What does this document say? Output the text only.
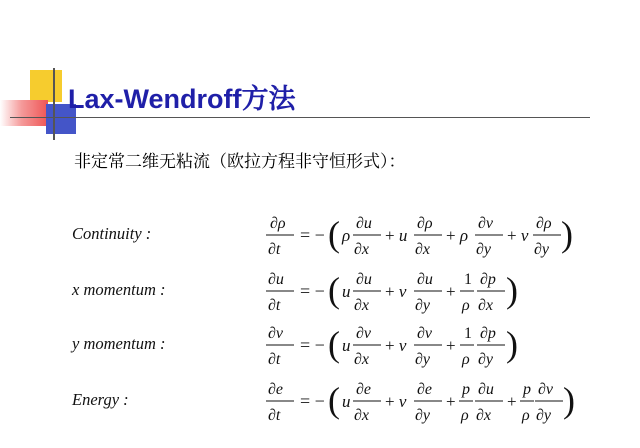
Lax-Wendroff方法
非定常二维无粘流（欧拉方程非守恒形式）：
Continuity :
x momentum :
y momentum :
Energy :
∂ρ
∂t
= − ( ρ
∂u
∂x
+ u
∂ρ
∂x
+ ρ
∂v
∂y
+ v
∂ρ
∂y )
∂u
∂t
= − ( u
∂u
∂x
+ v
∂u
∂y
+
1
ρ
∂p
∂x )
∂v
∂t
= − ( u
∂v
∂x
+ v
∂v
∂y
+
1
ρ
∂p
∂y )
∂e
∂t
= − ( u
∂e
∂x
+ v
∂e
∂y
+
p
ρ
∂u
∂x
+
p
ρ
∂v
∂y )
